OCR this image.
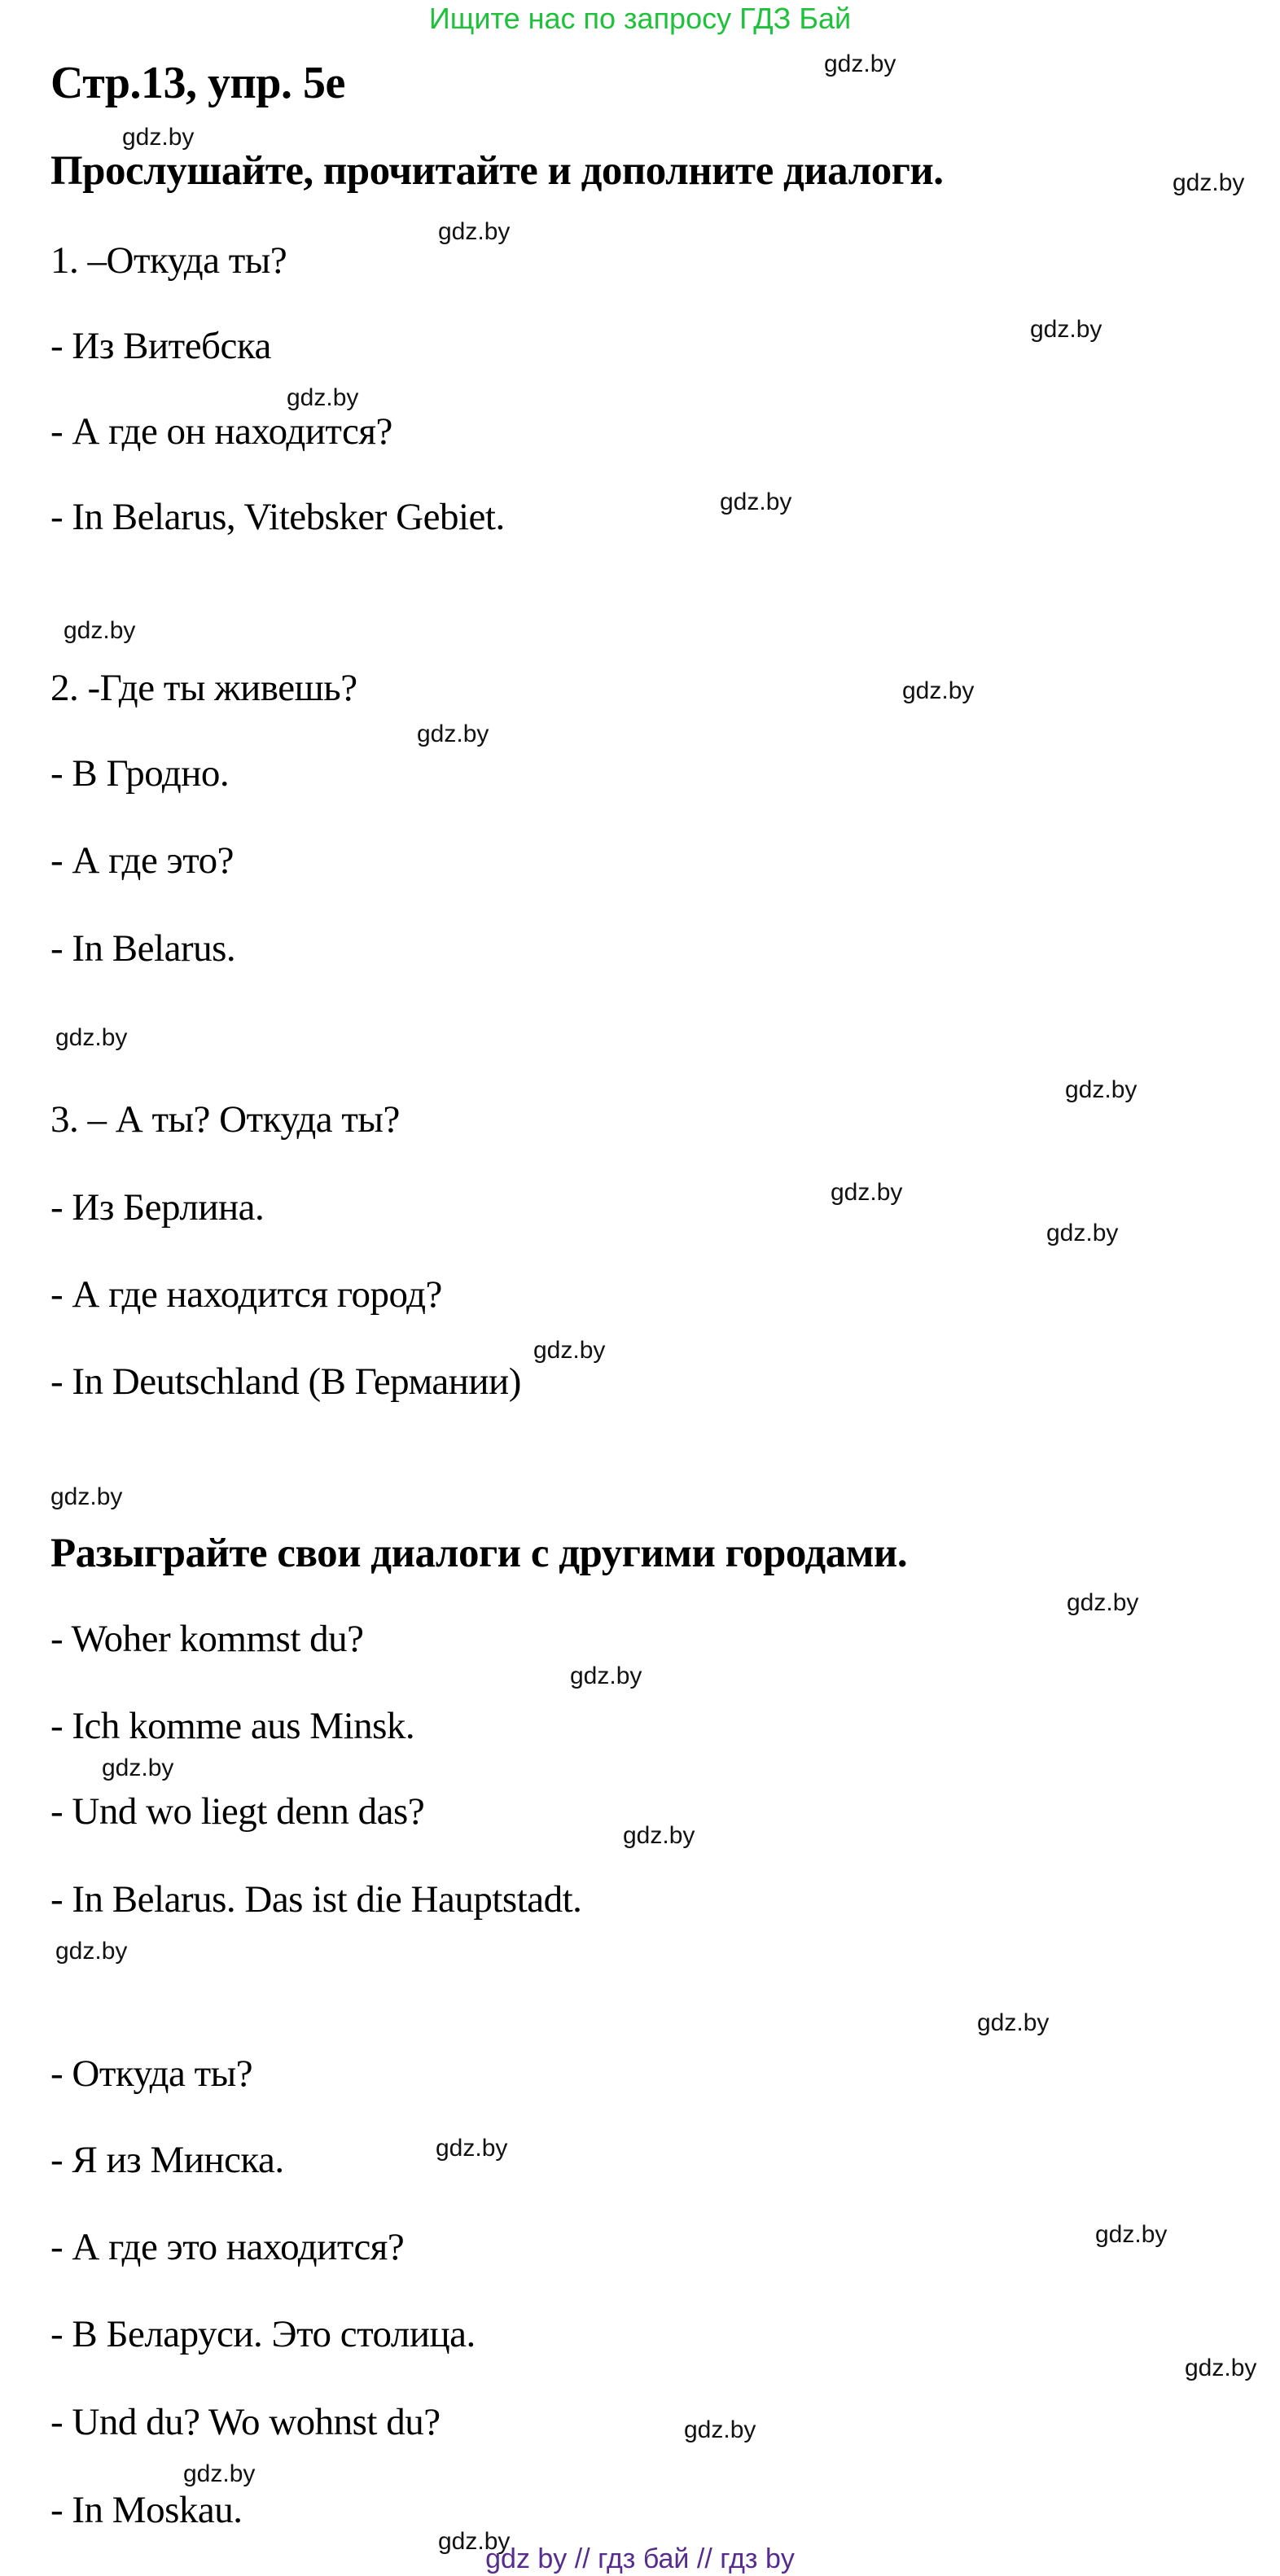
Ищите нас по запросу ГДЗ Бай
Стр.13, упр. 5e

Прослушайте, прочитайте и дополните диалоги.

1. –Откуда ты?

- Из Витебска

- А где он находится?

- In Belarus, Vitebsker Gebiet.

2. -Где ты живешь?

- В Гродно.

- А где это?

- In Belarus.

3. – А ты? Откуда ты?

- Из Берлина.

- А где находится город?

- In Deutschland (В Германии)

Разыграйте свои диалоги с другими городами.

- Woher kommst du?

- Ich komme aus Minsk.

- Und wo liegt denn das?

- In Belarus. Das ist die Hauptstadt.

- Откуда ты?

- Я из Минска.

- А где это находится?

- В Беларуси. Это столица.

- Und du? Wo wohnst du?

- In Moskau.

gdz.by
gdz.by
gdz.by
gdz.by
gdz.by
gdz.by
gdz.by
gdz.by
gdz.by
gdz.by
gdz.by
gdz.by
gdz.by
gdz.by
gdz.by
gdz.by
gdz.by
gdz.by
gdz.by
gdz.by
gdz.by
gdz.by
gdz.by
gdz.by
gdz.by
gdz.by
gdz.by
gdz.by
gdz by // гдз бай // гдз by
